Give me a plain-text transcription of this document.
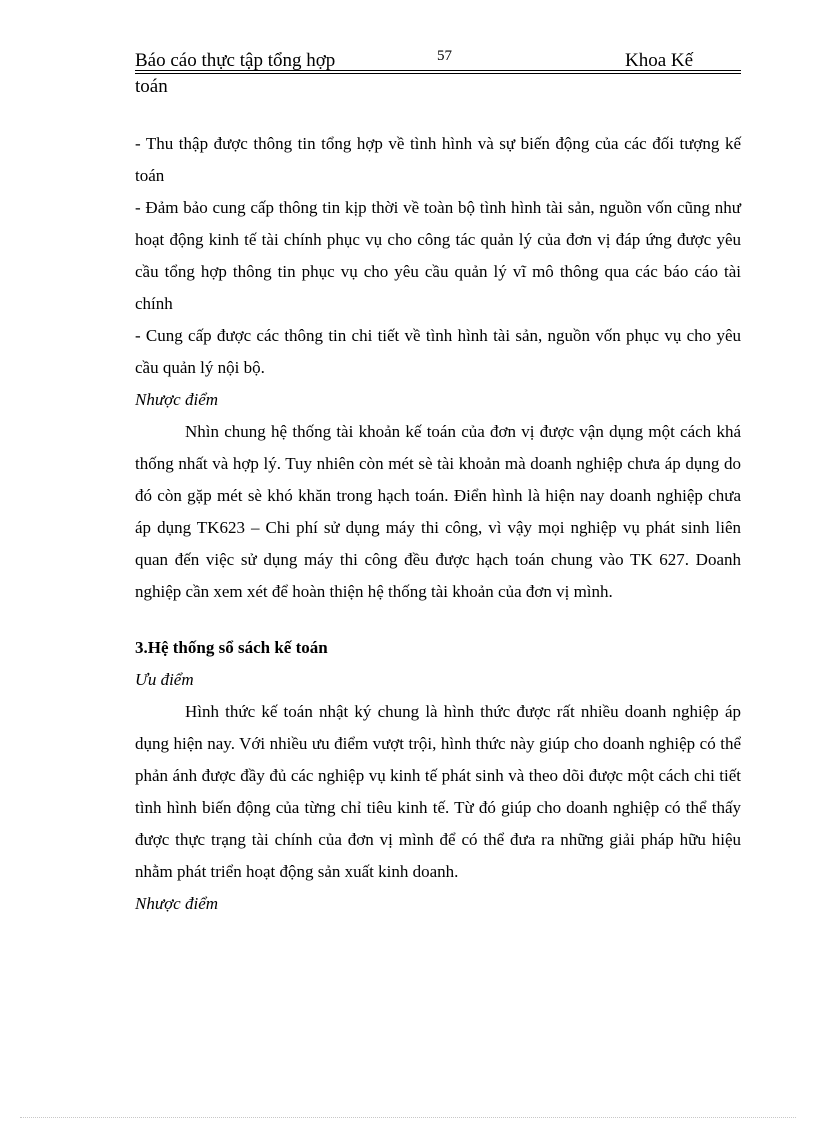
Báo cáo thực tập tổng hợp	57	Khoa Kế
toán

- Thu thập được thông tin tổng hợp về tình hình và sự biến động của các đối tượng kế toán

- Đảm bảo cung cấp thông tin kịp thời về toàn bộ tình hình tài sản, nguồn vốn cũng như hoạt động kinh tế tài chính phục vụ cho công tác quản lý của đơn vị đáp ứng được yêu cầu tổng hợp thông tin phục vụ cho yêu cầu quản lý vĩ mô thông qua các báo cáo tài chính

- Cung cấp được các thông tin chi tiết về tình hình tài sản, nguồn vốn phục vụ cho yêu cầu quản lý nội bộ.

Nhược điểm

Nhìn chung hệ thống tài khoản kế toán của đơn vị được vận dụng một cách khá thống nhất và hợp lý. Tuy nhiên còn mét sè tài khoản mà doanh nghiệp chưa áp dụng do đó còn gặp mét sè khó khăn trong hạch toán. Điển hình là hiện nay doanh nghiệp chưa áp dụng TK623 – Chi phí sử dụng máy thi công, vì vậy mọi nghiệp vụ phát sinh liên quan đến việc sử dụng máy thi công đều được hạch toán chung vào TK 627. Doanh nghiệp cần xem xét để hoàn thiện hệ thống tài khoản của đơn vị mình.

3.Hệ thống sổ sách kế toán

Ưu điểm

Hình thức kế toán nhật ký chung là hình thức được rất nhiều doanh nghiệp áp dụng hiện nay. Với nhiều ưu điểm vượt trội, hình thức này giúp cho doanh nghiệp có thể phản ánh được đầy đủ các nghiệp vụ kinh tế phát sinh và theo dõi được một cách chi tiết tình hình biến động của từng chỉ tiêu kinh tế. Từ đó giúp cho doanh nghiệp có thể thấy được thực trạng tài chính của đơn vị mình để có thể đưa ra những giải pháp hữu hiệu nhằm phát triển hoạt động sản xuất kinh doanh.

Nhược điểm
